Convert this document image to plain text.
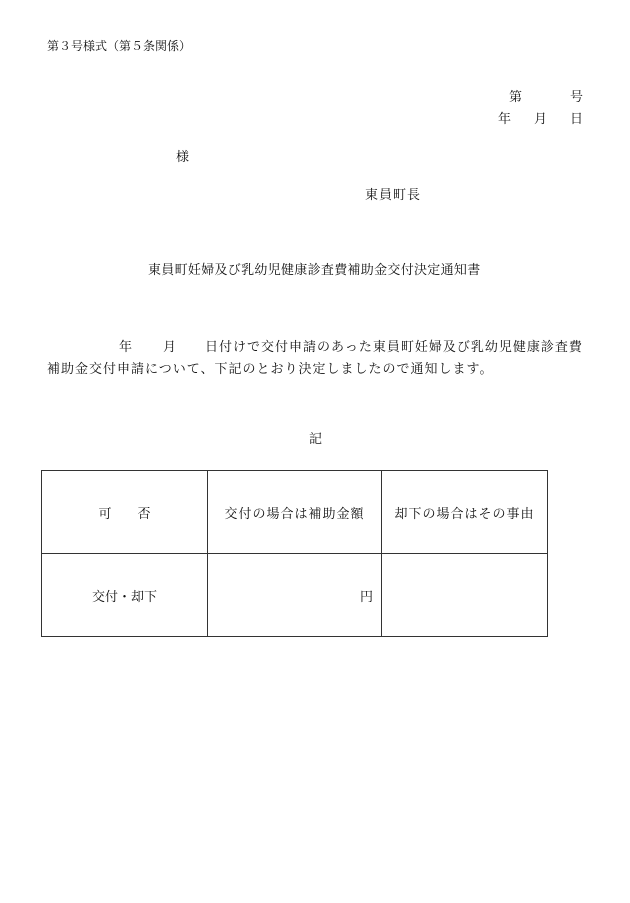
第３号様式（第５条関係）
第	号
年 月 日
様
東員町長
東員町妊婦及び乳幼児健康診査費補助金交付決定通知書
年 月 日付けで交付申請のあった東員町妊婦及び乳幼児健康診査費
補助金交付申請について、下記のとおり決定しましたので通知します。
記
可　　否	交付の場合は補助金額	却下の場合はその事由
交付・却下	円	
